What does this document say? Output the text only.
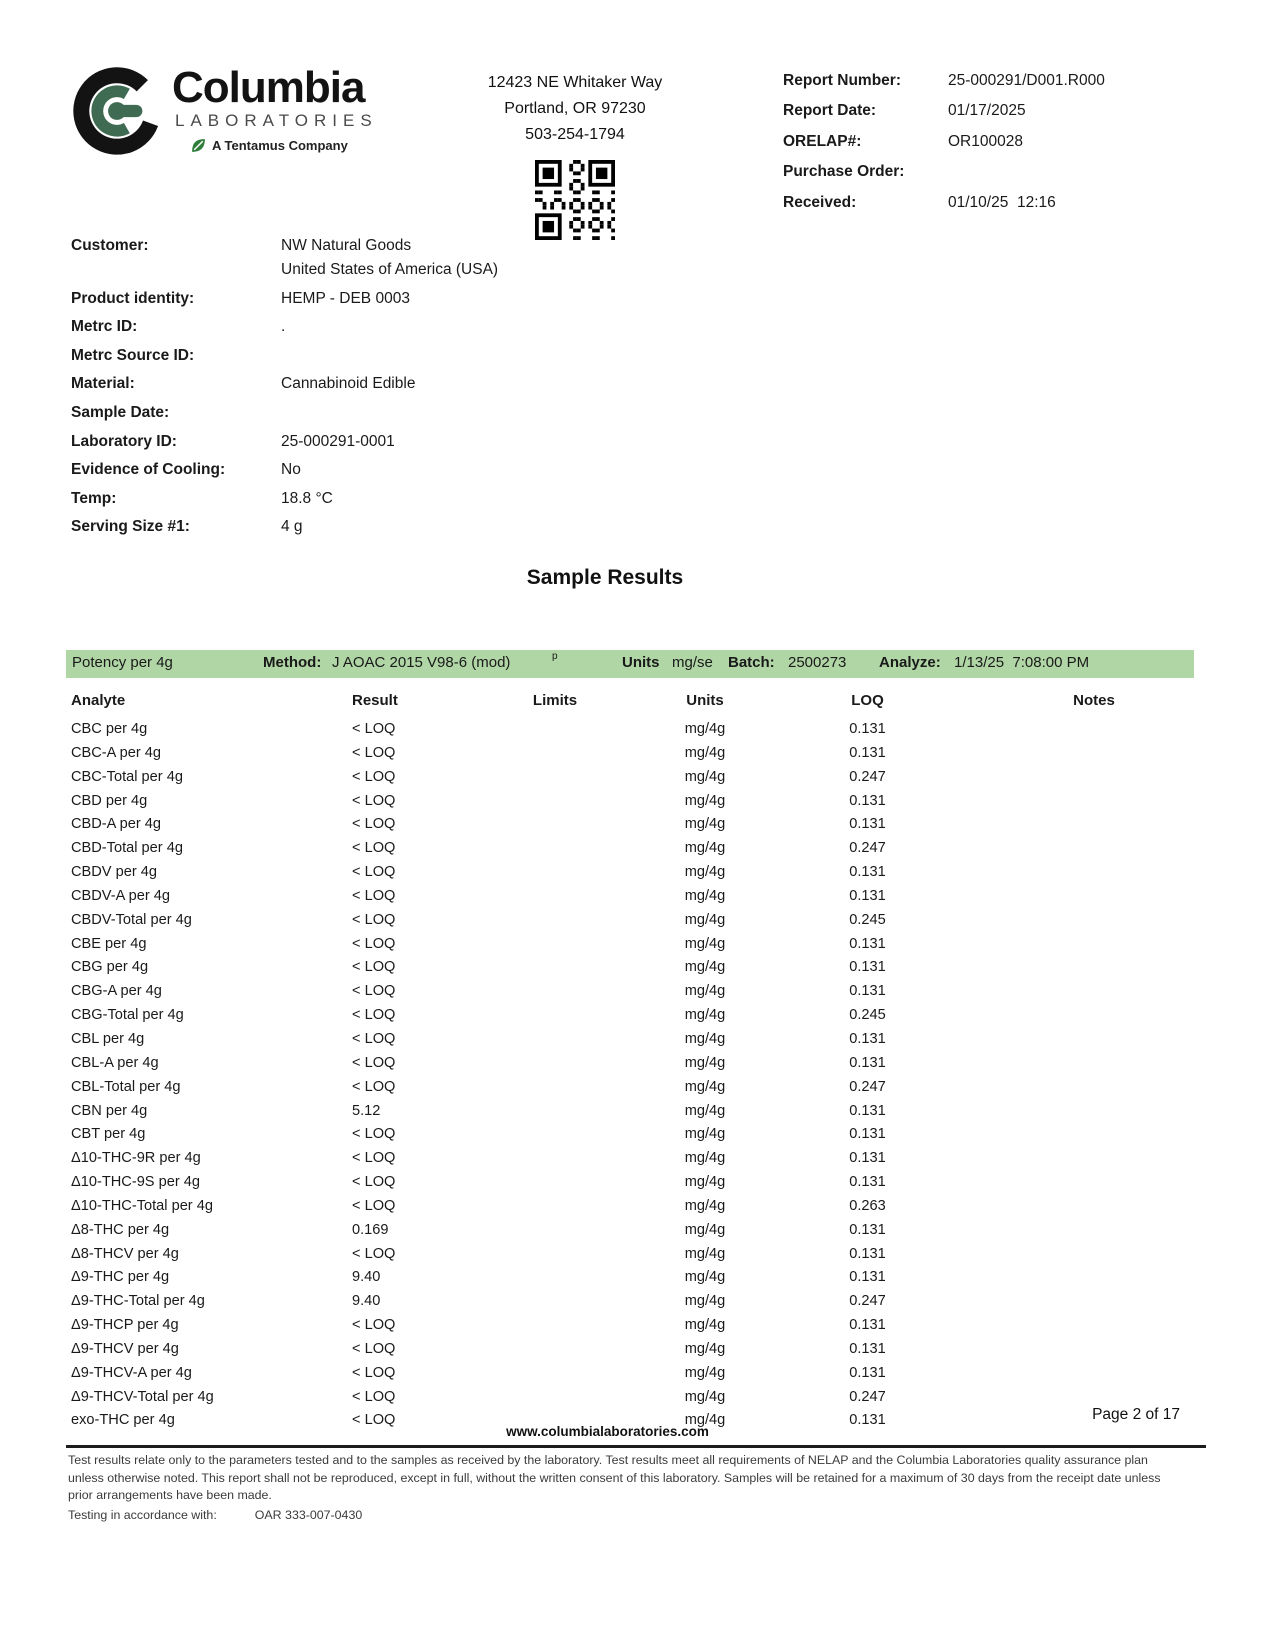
Columbia
LABORATORIES
A Tentamus Company
12423 NE Whitaker Way
Portland, OR 97230
503-254-1794
Report Number:	25-000291/D001.R000
Report Date:	01/17/2025
ORELAP#:	OR100028
Purchase Order:
Received:	01/10/25  12:16
Customer:	NW Natural Goods
United States of America (USA)
Product identity:	HEMP - DEB 0003
Metrc ID:	.
Metrc Source ID:

Material:	Cannabinoid Edible
Sample Date:

Laboratory ID:	25-000291-0001
Evidence of Cooling:	No
Temp:	18.8 °C
Serving Size #1:	4 g
Sample Results
Potency per 4g	Method: J AOAC 2015 V98-6 (mod)	p	Units mg/se Batch: 2500273 Analyze: 1/13/25  7:08:00 PM
Analyte	Result	Limits	Units	LOQ	Notes
CBC per 4g	< LOQ	mg/4g	0.131
CBC-A per 4g	< LOQ	mg/4g	0.131
CBC-Total per 4g	< LOQ	mg/4g	0.247
CBD per 4g	< LOQ	mg/4g	0.131
CBD-A per 4g	< LOQ	mg/4g	0.131
CBD-Total per 4g	< LOQ	mg/4g	0.247
CBDV per 4g	< LOQ	mg/4g	0.131
CBDV-A per 4g	< LOQ	mg/4g	0.131
CBDV-Total per 4g	< LOQ	mg/4g	0.245
CBE per 4g	< LOQ	mg/4g	0.131
CBG per 4g	< LOQ	mg/4g	0.131
CBG-A per 4g	< LOQ	mg/4g	0.131
CBG-Total per 4g	< LOQ	mg/4g	0.245
CBL per 4g	< LOQ	mg/4g	0.131
CBL-A per 4g	< LOQ	mg/4g	0.131
CBL-Total per 4g	< LOQ	mg/4g	0.247
CBN per 4g	5.12	mg/4g	0.131
CBT per 4g	< LOQ	mg/4g	0.131
Δ10-THC-9R per 4g	< LOQ	mg/4g	0.131
Δ10-THC-9S per 4g	< LOQ	mg/4g	0.131
Δ10-THC-Total per 4g	< LOQ	mg/4g	0.263
Δ8-THC per 4g	0.169	mg/4g	0.131
Δ8-THCV per 4g	< LOQ	mg/4g	0.131
Δ9-THC per 4g	9.40	mg/4g	0.131
Δ9-THC-Total per 4g	9.40	mg/4g	0.247
Δ9-THCP per 4g	< LOQ	mg/4g	0.131
Δ9-THCV per 4g	< LOQ	mg/4g	0.131
Δ9-THCV-A per 4g	< LOQ	mg/4g	0.131
Δ9-THCV-Total per 4g	< LOQ	mg/4g	0.247
exo-THC per 4g	< LOQ	mg/4g	0.131	Page 2 of 17
www.columbialaboratories.com
Test results relate only to the parameters tested and to the samples as received by the laboratory. Test results meet all requirements of NELAP and the Columbia Laboratories quality assurance plan
unless otherwise noted. This report shall not be reproduced, except in full, without the written consent of this laboratory. Samples will be retained for a maximum of 30 days from the receipt date unless
prior arrangements have been made.
Testing in accordance with:	OAR 333-007-0430
